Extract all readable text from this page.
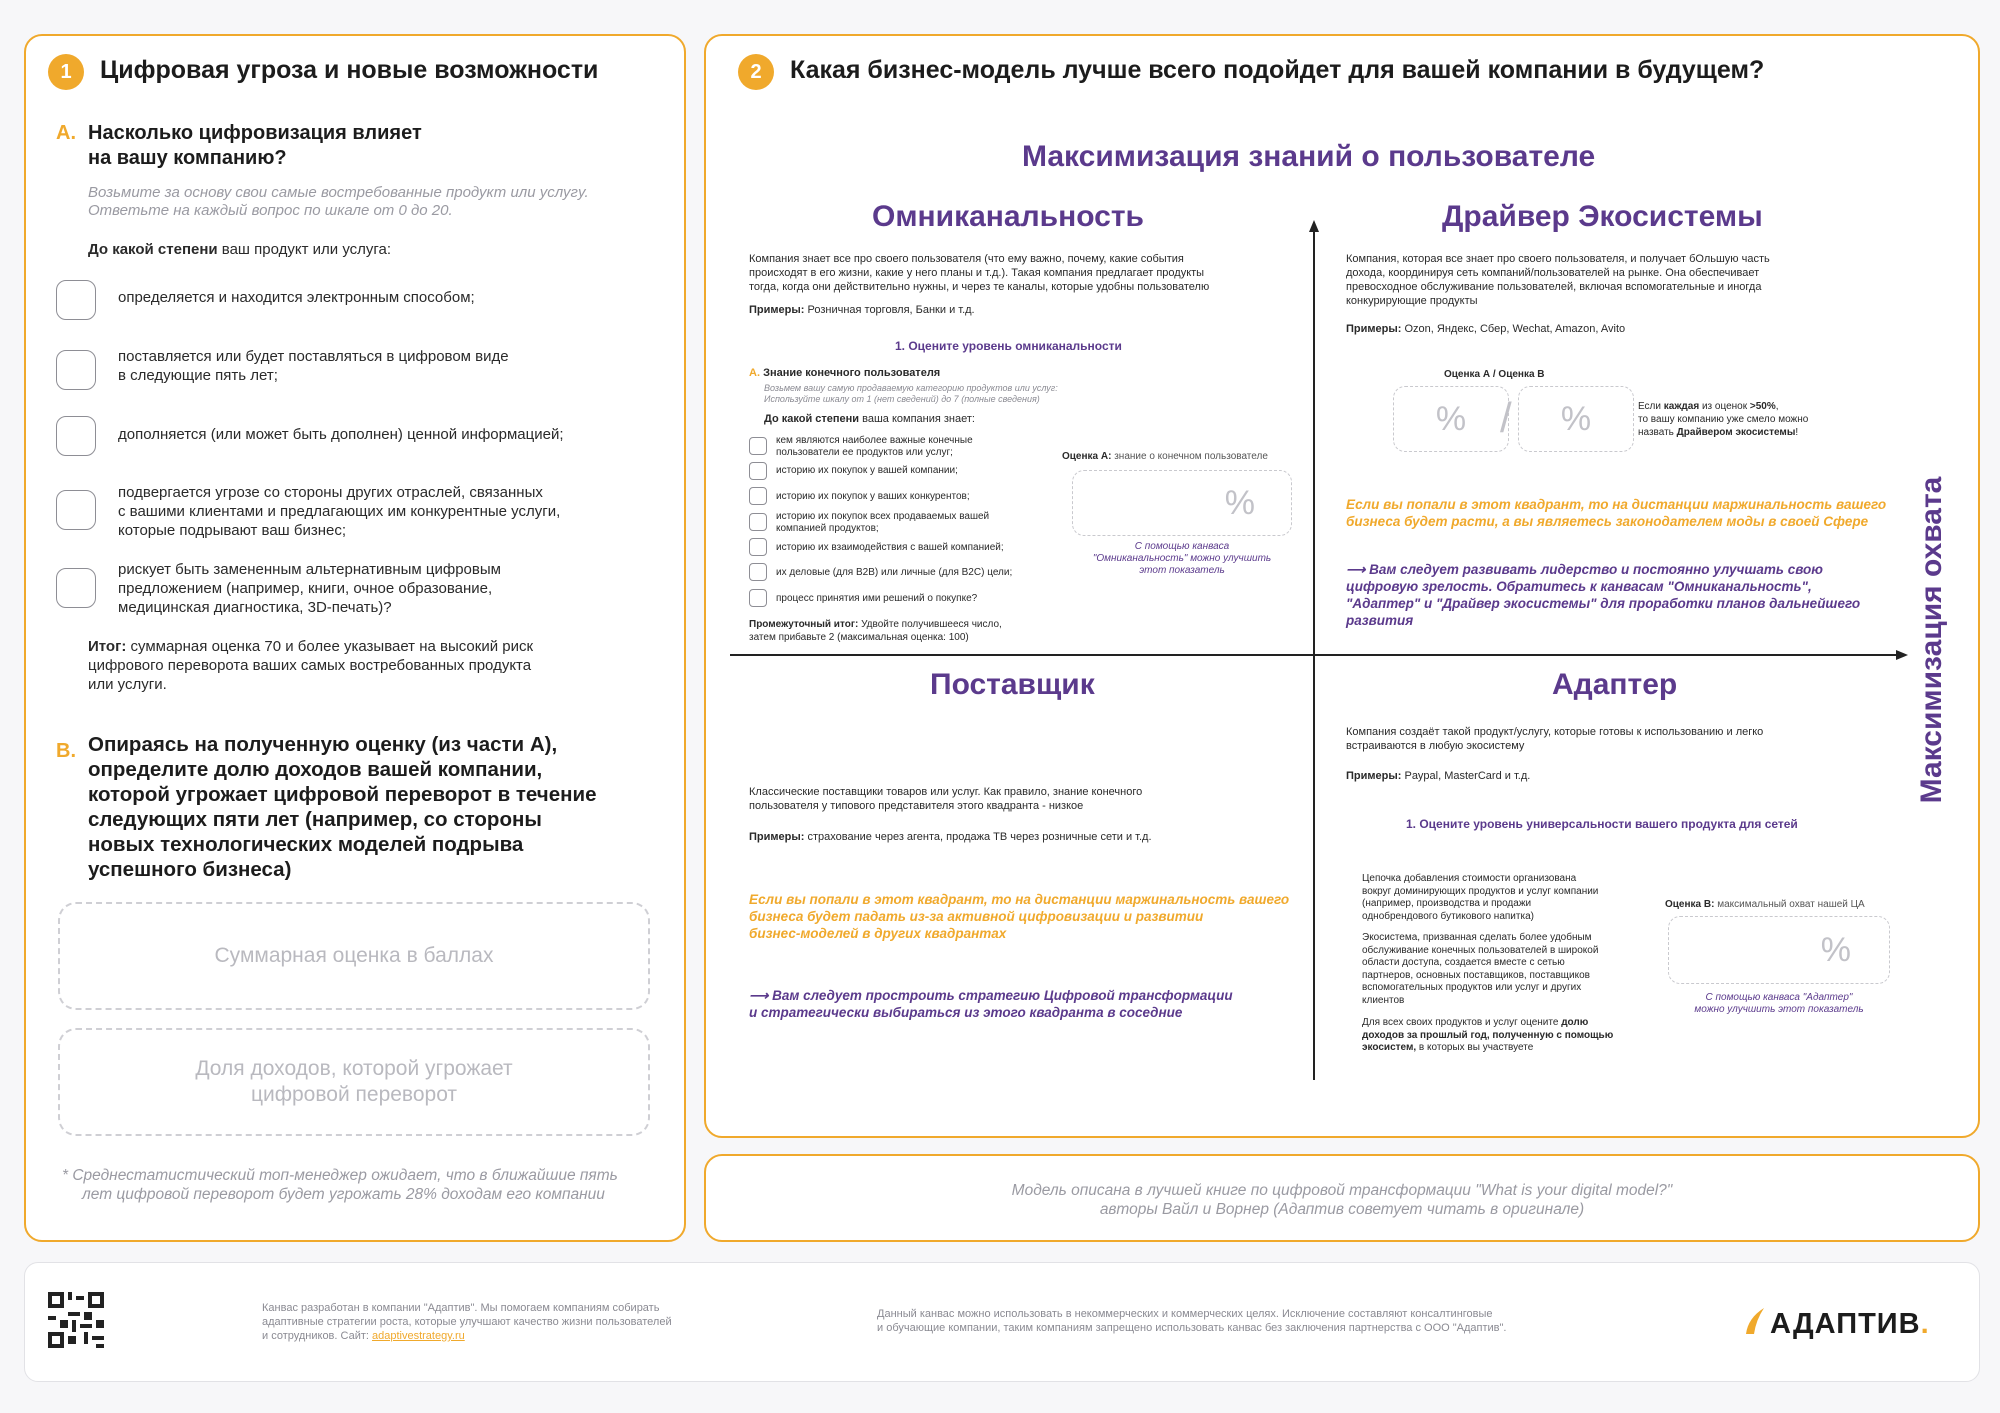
1	Цифровая угроза и новые возможности
A. Насколько цифровизация влияет
на вашу компанию?
Возьмите за основу свои самые востребованные продукт или услугу.
Ответьте на каждый вопрос по шкале от 0 до 20.
До какой степени ваш продукт или услуга:
определяется и находится электронным способом;
поставляется или будет поставляться в цифровом виде
в следующие пять лет;
дополняется (или может быть дополнен) ценной информацией;
подвергается угрозе со стороны других отраслей, связанных
с вашими клиентами и предлагающих им конкурентные услуги,
которые подрывают ваш бизнес;
рискует быть замененным альтернативным цифровым
предложением (например, книги, очное образование,
медицинская диагностика, 3D-печать)?
Итог: суммарная оценка 70 и более указывает на высокий риск
цифрового переворота ваших самых востребованных продукта
или услуги.
B. Опираясь на полученную оценку (из части А),
определите долю доходов вашей компании,
которой угрожает цифровой переворот в течение
следующих пяти лет (например, со стороны
новых технологических моделей подрыва
успешного бизнеса)
Суммарная оценка в баллах
Доля доходов, которой угрожает
цифровой переворот
* Среднестатистический топ-менеджер ожидает, что в ближайшие пять
лет цифровой переворот будет угрожать 28% доходам его компании
2	Какая бизнес-модель лучше всего подойдет для вашей компании в будущем?
Максимизация знаний о пользователе
Максимизация охвата
Омниканальность
Компания знает все про своего пользователя (что ему важно, почему, какие события
происходят в его жизни, какие у него планы и т.д.). Такая компания предлагает продукты
тогда, когда они действительно нужны, и через те каналы, которые удобны пользователю
Примеры: Розничная торговля, Банки и т.д.
1. Оцените уровень омниканальности
A. Знание конечного пользователя
Возьмем вашу самую продаваемую категорию продуктов или услуг:
Используйте шкалу от 1 (нет сведений) до 7 (полные сведения)
До какой степени ваша компания знает:
кем являются наиболее важные конечные
пользователи ее продуктов или услуг;
историю их покупок у вашей компании;
историю их покупок у ваших конкурентов;
историю их покупок всех продаваемых вашей
компанией продуктов;
историю их взаимодействия с вашей компанией;
их деловые (для B2B) или личные (для B2C) цели;
процесс принятия ими решений о покупке?
Промежуточный итог: Удвойте получившееся число,
затем прибавьте 2 (максимальная оценка: 100)
Оценка А: знание о конечном пользователе
%
С помощью канваса
"Омниканальность" можно улучшить
этот показатель
Драйвер Экосистемы
Компания, которая все знает про своего пользователя, и получает бОльшую часть
дохода, координируя сеть компаний/пользователей на рынке. Она обеспечивает
превосходное обслуживание пользователей, включая вспомогательные и иногда
конкурирующие продукты
Примеры: Ozon, Яндекс, Сбер, Wechat, Amazon, Avito
Оценка А / Оценка В
% / %	Если каждая из оценок >50%,
то вашу компанию уже смело можно
назвать Драйвером экосистемы!
Если вы попали в этот квадрант, то на дистанции маржинальность вашего
бизнеса будет расти, а вы являетесь законодателем моды в своей Сфере
⟶ Вам следует развивать лидерство и постоянно улучшать свою
цифровую зрелость. Обратитесь к канвасам "Омниканальность",
"Адаптер" и "Драйвер экосистемы" для проработки планов дальнейшего
развития
Поставщик
Классические поставщики товаров или услуг. Как правило, знание конечного
пользователя у типового представителя этого квадранта - низкое
Примеры: страхование через агента, продажа ТВ через розничные сети и т.д.
Если вы попали в этот квадрант, то на дистанции маржинальность вашего
бизнеса будет падать из-за активной цифровизации и развитии
бизнес-моделей в других квадрантах
⟶ Вам следует простроить стратегию Цифровой трансформации
и стратегически выбираться из этого квадранта в соседние
Адаптер
Компания создаёт такой продукт/услугу, которые готовы к использованию и легко
встраиваются в любую экосистему
Примеры: Paypal, MasterCard и т.д.
1. Оцените уровень универсальности вашего продукта для сетей
Цепочка добавления стоимости организована
вокруг доминирующих продуктов и услуг компании
(например, производства и продажи
однобрендового бутикового напитка)
Экосистема, призванная сделать более удобным
обслуживание конечных пользователей в широкой
области доступа, создается вместе с сетью
партнеров, основных поставщиков, поставщиков
вспомогательных продуктов или услуг и других
клиентов
Для всех своих продуктов и услуг оцените долю
доходов за прошлый год, полученную с помощью
экосистем, в которых вы участвуете
Оценка В: максимальный охват нашей ЦА
%
С помощью канваса "Адаптер"
можно улучшить этот показатель
Модель описана в лучшей книге по цифровой трансформации "What is your digital model?"
авторы Вайл и Ворнер (Адаптив советует читать в оригинале)
Канвас разработан в компании "Адаптив". Мы помогаем компаниям собирать
адаптивные стратегии роста, которые улучшают качество жизни пользователей
и сотрудников. Сайт: adaptivestrategy.ru
Данный канвас можно использовать в некоммерческих и коммерческих целях. Исключение составляют консалтинговые
и обучающие компании, таким компаниям запрещено использовать канвас без заключения партнерства с ООО "Адаптив".	АДАПТИВ.
